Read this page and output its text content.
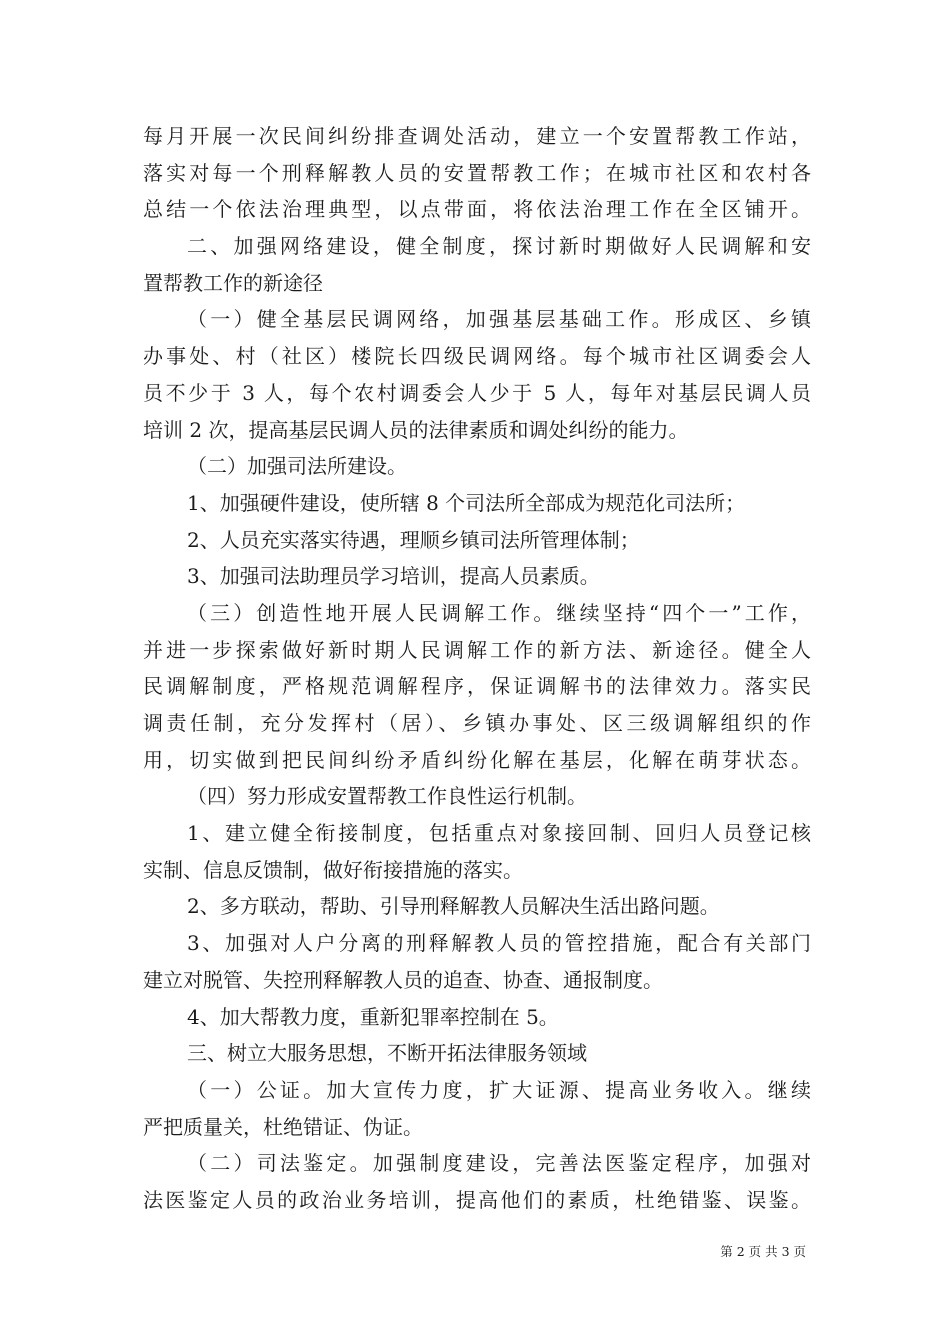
每月开展一次民间纠纷排查调处活动，建立一个安置帮教工作站，
落实对每一个刑释解教人员的安置帮教工作；在城市社区和农村各
总结一个依法治理典型，以点带面，将依法治理工作在全区铺开。
二、加强网络建设，健全制度，探讨新时期做好人民调解和安
置帮教工作的新途径
（一）健全基层民调网络，加强基层基础工作。形成区、乡镇
办事处、村（社区）楼院长四级民调网络。每个城市社区调委会人
员不少于 3 人，每个农村调委会人少于 5 人，每年对基层民调人员
培训 2 次，提高基层民调人员的法律素质和调处纠纷的能力。
（二）加强司法所建设。
1、加强硬件建设，使所辖 8 个司法所全部成为规范化司法所；
2、人员充实落实待遇，理顺乡镇司法所管理体制；
3、加强司法助理员学习培训，提高人员素质。
（三）创造性地开展人民调解工作。继续坚持“四个一”工作，
并进一步探索做好新时期人民调解工作的新方法、新途径。健全人
民调解制度，严格规范调解程序，保证调解书的法律效力。落实民
调责任制，充分发挥村（居）、乡镇办事处、区三级调解组织的作
用，切实做到把民间纠纷矛盾纠纷化解在基层，化解在萌芽状态。
（四）努力形成安置帮教工作良性运行机制。
1、建立健全衔接制度，包括重点对象接回制、回归人员登记核
实制、信息反馈制，做好衔接措施的落实。
2、多方联动，帮助、引导刑释解教人员解决生活出路问题。
3、加强对人户分离的刑释解教人员的管控措施，配合有关部门
建立对脱管、失控刑释解教人员的追查、协查、通报制度。
4、加大帮教力度，重新犯罪率控制在 5。
三、树立大服务思想，不断开拓法律服务领域
（一）公证。加大宣传力度，扩大证源、提高业务收入。继续
严把质量关，杜绝错证、伪证。
（二）司法鉴定。加强制度建设，完善法医鉴定程序，加强对
法医鉴定人员的政治业务培训，提高他们的素质，杜绝错鉴、误鉴。
第 2 页 共 3 页
